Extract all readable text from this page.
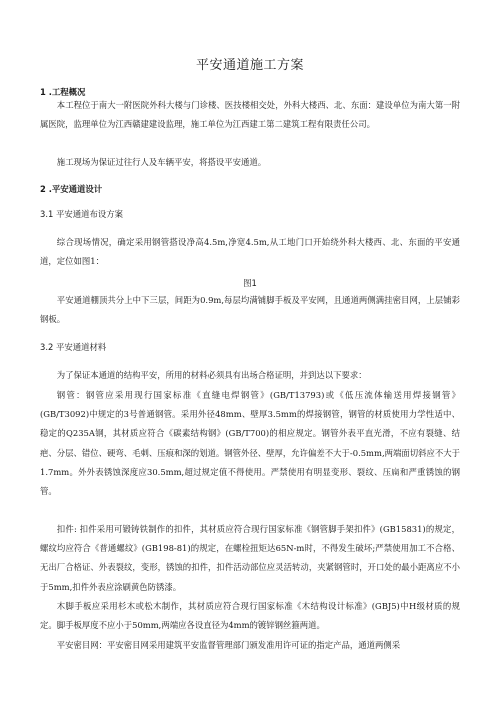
平安通道施工方案
1 .工程概况

本工程位于南大一附医院外科大楼与门诊楼、医技楼相交处，外科大楼西、北、东面：建设单位为南大第一附属医院，监理单位为江西赣建建设监理，施工单位为江西建工第二建筑工程有限责任公司。

施工现场为保证过往行人及车辆平安，将搭设平安通道。

2 .平安通道设计
3.1 平安通道布设方案

综合现场情况，确定采用钢管搭设净高4.5m,净宽4.5m,从工地门口开始绕外科大楼西、北、东面的平安通道，定位如图1：

图1

平安通道棚顶共分上中下三层，间距为0.9m,每层均满铺脚手板及平安网，且通道两侧满挂密目网，上层铺彩钢板。

3.2 平安通道材料

为了保证本通道的结构平安，所用的材料必须具有出场合格证明，并到达以下要求：

钢管：钢管应采用现行国家标准《直缝电焊钢管》(GB/T13793)或《低压流体输送用焊接钢管》(GB/T3092)中规定的3号普通钢管。采用外径48mm、壁厚3.5mm的焊接钢管，钢管的材质使用力学性适中、稳定的Q235A钢，其材质应符合《碳素结构钢》(GB/T700)的相应规定。钢管外表平直光滑，不应有裂缝、结疤、分层、错位、硬弯、毛刺、压痕和深的划道。钢管外径、壁厚，允许偏差不大于-0.5mm,两端面切斜应不大于1.7mm。外外表锈蚀深度应30.5mm,超过规定值不得使用。严禁使用有明显变形、裂纹、压扁和严重锈蚀的钢管。

扣件: 扣件采用可锻铸铁制作的扣件，其材质应符合现行国家标准《钢管脚手架扣件》(GB15831)的规定，螺纹均应符合《普通螺纹》(GB198-81)的规定，在螺栓扭矩达65N-m时，不得发生破坏;严禁使用加工不合格、无出厂合格证、外表裂纹，变形，锈蚀的扣件，扣件活动部位应灵活转动，夹紧钢管时，开口处的最小距离应不小于5mm,扣件外表应涂刷黄色防锈漆。

木脚手板应采用杉木或松木制作，其材质应符合现行国家标准《木结构设计标准》(GBJ5)中H级材质的规定。脚手板厚度不应小于50mm,两端应各设直径为4mm的镀锌钢丝箍两道。

平安密目网：平安密目网采用建筑平安监督管理部门颁发准用许可证的指定产品，通道两侧采
